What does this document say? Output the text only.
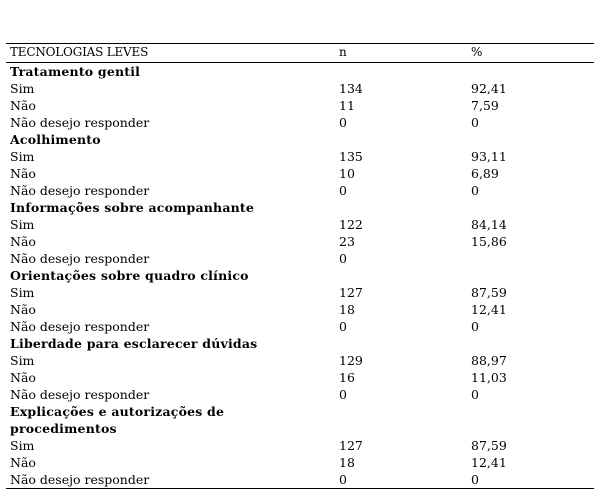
TECNOLOGIAS LEVES	n	%
Tratamento gentil
Sim	134	92,41
Não	11	7,59
Não desejo responder	0	0
Acolhimento
Sim	135	93,11
Não	10	6,89
Não desejo responder	0	0
Informações sobre acompanhante
Sim	122	84,14
Não	23	15,86
Não desejo responder	0
Orientações sobre quadro clínico
Sim	127	87,59
Não	18	12,41
Não desejo responder	0	0
Liberdade para esclarecer dúvidas
Sim	129	88,97
Não	16	11,03
Não desejo responder	0	0
Explicações e autorizações de
procedimentos
Sim	127	87,59
Não	18	12,41
Não desejo responder	0	0
